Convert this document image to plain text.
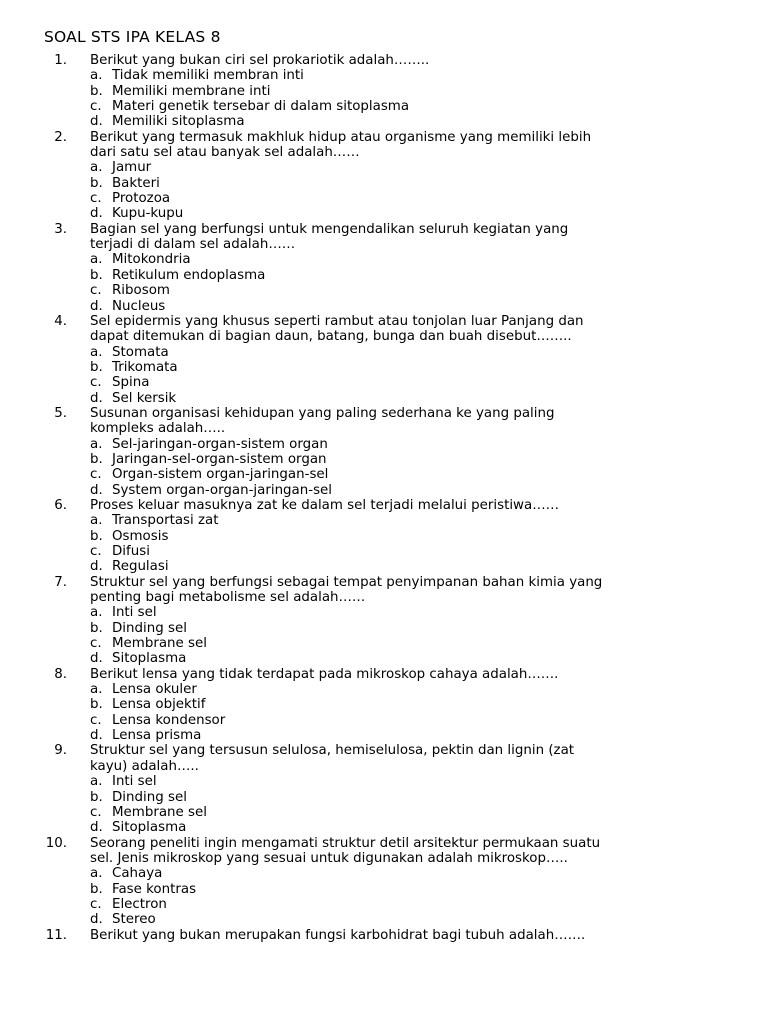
SOAL STS IPA KELAS 8
1. Berikut yang bukan ciri sel prokariotik adalah……..
a. Tidak memiliki membran inti
b. Memiliki membrane inti
c. Materi genetik tersebar di dalam sitoplasma
d. Memiliki sitoplasma
2. Berikut yang termasuk makhluk hidup atau organisme yang memiliki lebih
dari satu sel atau banyak sel adalah……
a. Jamur
b. Bakteri
c. Protozoa
d. Kupu-kupu
3. Bagian sel yang berfungsi untuk mengendalikan seluruh kegiatan yang
terjadi di dalam sel adalah……
a. Mitokondria
b. Retikulum endoplasma
c. Ribosom
d. Nucleus
4. Sel epidermis yang khusus seperti rambut atau tonjolan luar Panjang dan
dapat ditemukan di bagian daun, batang, bunga dan buah disebut……..
a. Stomata
b. Trikomata
c. Spina
d. Sel kersik
5. Susunan organisasi kehidupan yang paling sederhana ke yang paling
kompleks adalah…..
a. Sel-jaringan-organ-sistem organ
b. Jaringan-sel-organ-sistem organ
c. Organ-sistem organ-jaringan-sel
d. System organ-organ-jaringan-sel
6. Proses keluar masuknya zat ke dalam sel terjadi melalui peristiwa……
a. Transportasi zat
b. Osmosis
c. Difusi
d. Regulasi
7. Struktur sel yang berfungsi sebagai tempat penyimpanan bahan kimia yang
penting bagi metabolisme sel adalah……
a. Inti sel
b. Dinding sel
c. Membrane sel
d. Sitoplasma
8. Berikut lensa yang tidak terdapat pada mikroskop cahaya adalah…….
a. Lensa okuler
b. Lensa objektif
c. Lensa kondensor
d. Lensa prisma
9. Struktur sel yang tersusun selulosa, hemiselulosa, pektin dan lignin (zat
kayu) adalah…..
a. Inti sel
b. Dinding sel
c. Membrane sel
d. Sitoplasma
10. Seorang peneliti ingin mengamati struktur detil arsitektur permukaan suatu
sel. Jenis mikroskop yang sesuai untuk digunakan adalah mikroskop…..
a. Cahaya
b. Fase kontras
c. Electron
d. Stereo
11. Berikut yang bukan merupakan fungsi karbohidrat bagi tubuh adalah…….
